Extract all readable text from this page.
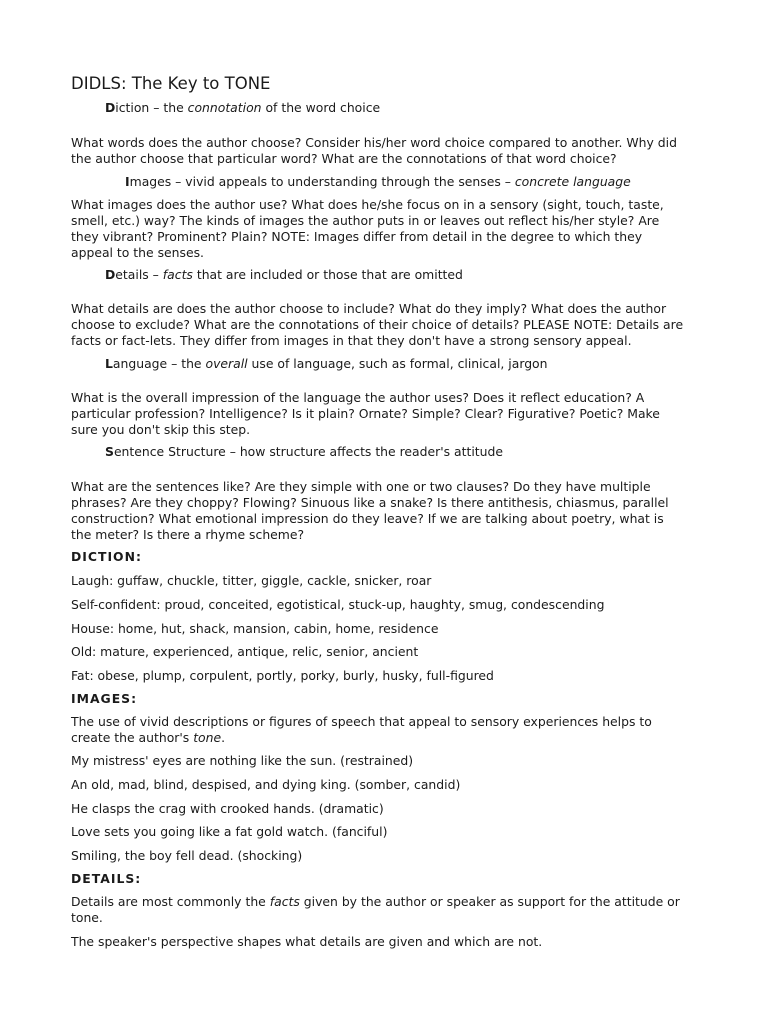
DIDLS: The Key to TONE
Diction – the connotation of the word choice
What words does the author choose? Consider his/her word choice compared to another. Why did
the author choose that particular word? What are the connotations of that word choice?
Images – vivid appeals to understanding through the senses – concrete language
What images does the author use? What does he/she focus on in a sensory (sight, touch, taste,
smell, etc.) way? The kinds of images the author puts in or leaves out reflect his/her style? Are
they vibrant? Prominent? Plain? NOTE: Images differ from detail in the degree to which they
appeal to the senses.
Details – facts that are included or those that are omitted
What details are does the author choose to include? What do they imply? What does the author
choose to exclude? What are the connotations of their choice of details? PLEASE NOTE: Details are
facts or fact-lets. They differ from images in that they don't have a strong sensory appeal.
Language – the overall use of language, such as formal, clinical, jargon
What is the overall impression of the language the author uses? Does it reflect education? A
particular profession? Intelligence? Is it plain? Ornate? Simple? Clear? Figurative? Poetic? Make
sure you don't skip this step.
Sentence Structure – how structure affects the reader's attitude
What are the sentences like? Are they simple with one or two clauses? Do they have multiple
phrases? Are they choppy? Flowing? Sinuous like a snake? Is there antithesis, chiasmus, parallel
construction? What emotional impression do they leave? If we are talking about poetry, what is
the meter? Is there a rhyme scheme?
DICTION:
Laugh: guffaw, chuckle, titter, giggle, cackle, snicker, roar
Self-confident: proud, conceited, egotistical, stuck-up, haughty, smug, condescending
House: home, hut, shack, mansion, cabin, home, residence
Old: mature, experienced, antique, relic, senior, ancient
Fat: obese, plump, corpulent, portly, porky, burly, husky, full-figured
IMAGES:
The use of vivid descriptions or figures of speech that appeal to sensory experiences helps to
create the author's tone.
My mistress' eyes are nothing like the sun. (restrained)
An old, mad, blind, despised, and dying king. (somber, candid)
He clasps the crag with crooked hands. (dramatic)
Love sets you going like a fat gold watch. (fanciful)
Smiling, the boy fell dead. (shocking)
DETAILS:
Details are most commonly the facts given by the author or speaker as support for the attitude or
tone.
The speaker's perspective shapes what details are given and which are not.
